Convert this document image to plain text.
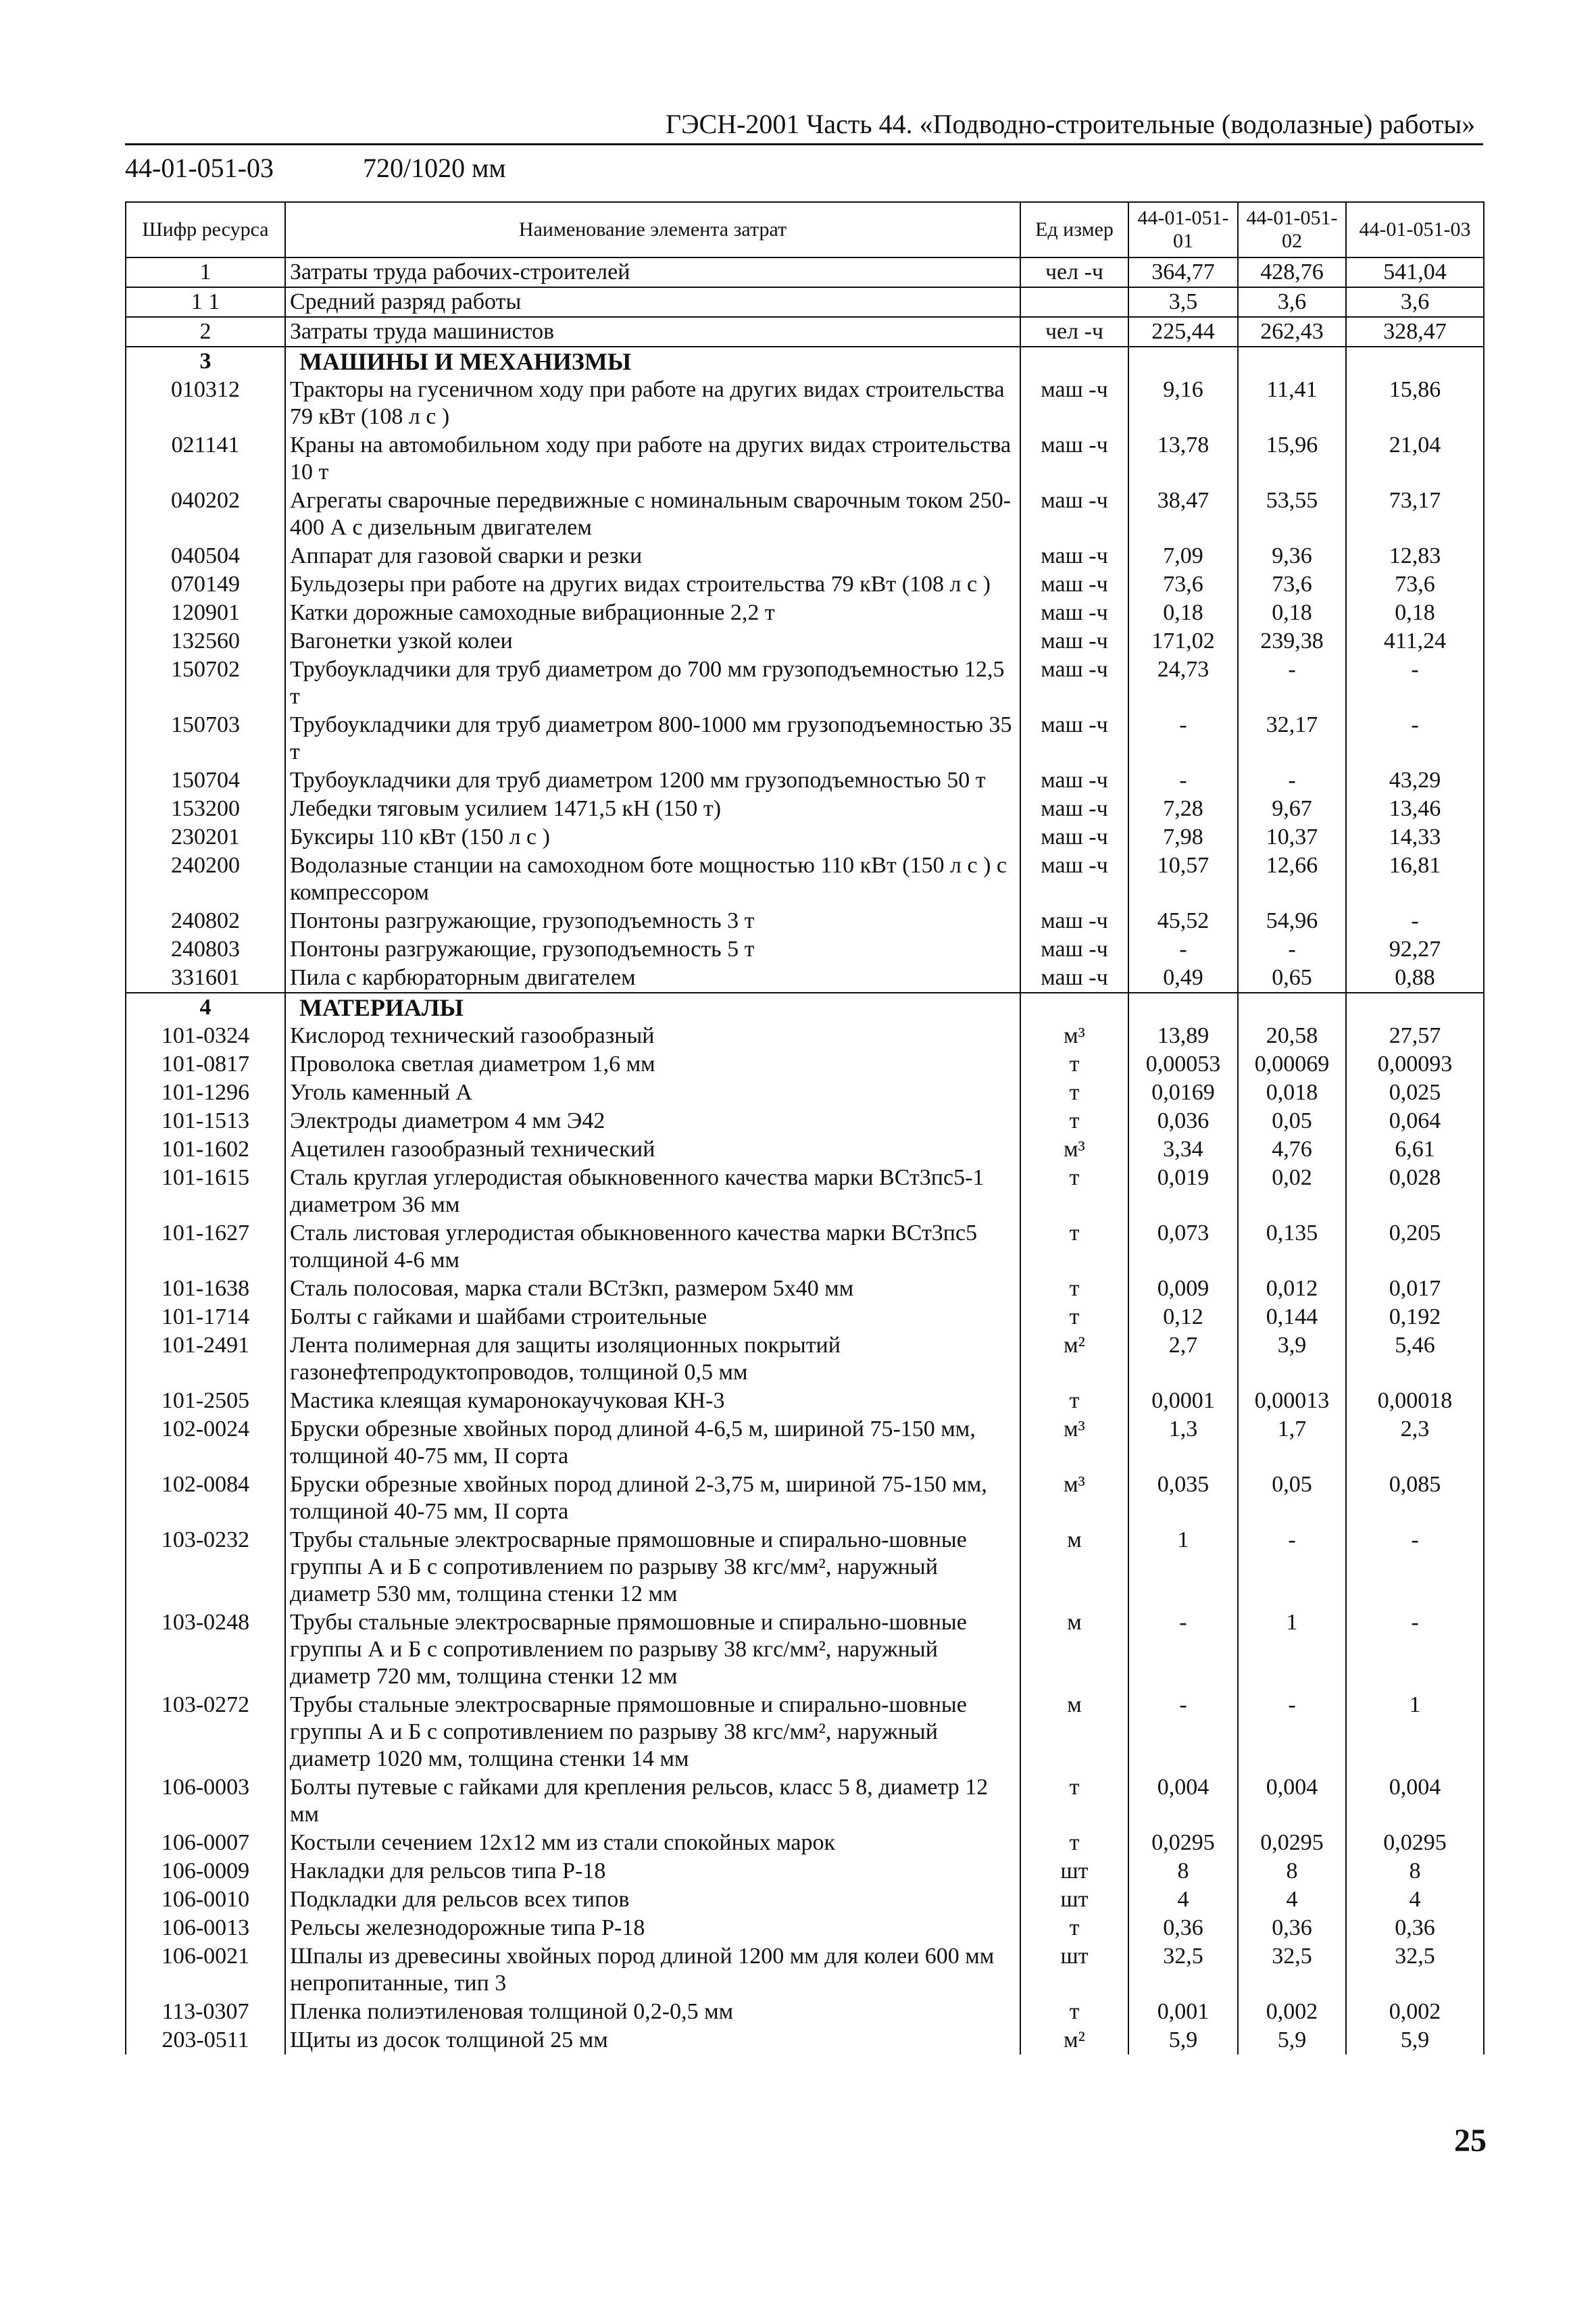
ГЭСН-2001 Часть 44. «Подводно-строительные (водолазные) работы»
44-01-051-03	720/1020 мм
Шифр ресурса	Наименование элемента затрат	Ед измер	44-01-051-01	44-01-051-02	44-01-051-03
1	Затраты труда рабочих-строителей	чел -ч	364,77	428,76	541,04
1 1	Средний разряд работы		3,5	3,6	3,6
2	Затраты труда машинистов	чел -ч	225,44	262,43	328,47
3	МАШИНЫ И МЕХАНИЗМЫ				
010312	Тракторы на гусеничном ходу при работе на других видах строительства 79 кВт (108 л с )	маш -ч	9,16	11,41	15,86
021141	Краны на автомобильном ходу при работе на других видах строительства 10 т	маш -ч	13,78	15,96	21,04
040202	Агрегаты сварочные передвижные с номинальным сварочным током 250-400 А с дизельным двигателем	маш -ч	38,47	53,55	73,17
040504	Аппарат для газовой сварки и резки	маш -ч	7,09	9,36	12,83
070149	Бульдозеры при работе на других видах строительства 79 кВт (108 л с )	маш -ч	73,6	73,6	73,6
120901	Катки дорожные самоходные вибрационные 2,2 т	маш -ч	0,18	0,18	0,18
132560	Вагонетки узкой колеи	маш -ч	171,02	239,38	411,24
150702	Трубоукладчики для труб диаметром до 700 мм грузоподъемностью 12,5 т	маш -ч	24,73	-	-
150703	Трубоукладчики для труб диаметром 800-1000 мм грузоподъемностью 35 т	маш -ч	-	32,17	-
150704	Трубоукладчики для труб диаметром 1200 мм грузоподъемностью 50 т	маш -ч	-	-	43,29
153200	Лебедки тяговым усилием 1471,5 кН (150 т)	маш -ч	7,28	9,67	13,46
230201	Буксиры 110 кВт (150 л с )	маш -ч	7,98	10,37	14,33
240200	Водолазные станции на самоходном боте мощностью 110 кВт (150 л с ) с компрессором	маш -ч	10,57	12,66	16,81
240802	Понтоны разгружающие, грузоподъемность 3 т	маш -ч	45,52	54,96	-
240803	Понтоны разгружающие, грузоподъемность 5 т	маш -ч	-	-	92,27
331601	Пила с карбюраторным двигателем	маш -ч	0,49	0,65	0,88
4	МАТЕРИАЛЫ				
101-0324	Кислород технический газообразный	м³	13,89	20,58	27,57
101-0817	Проволока светлая диаметром 1,6 мм	т	0,00053	0,00069	0,00093
101-1296	Уголь каменный А	т	0,0169	0,018	0,025
101-1513	Электроды диаметром 4 мм Э42	т	0,036	0,05	0,064
101-1602	Ацетилен газообразный технический	м³	3,34	4,76	6,61
101-1615	Сталь круглая углеродистая обыкновенного качества марки ВСт3пс5-1 диаметром 36 мм	т	0,019	0,02	0,028
101-1627	Сталь листовая углеродистая обыкновенного качества марки ВСт3пс5 толщиной 4-6 мм	т	0,073	0,135	0,205
101-1638	Сталь полосовая, марка стали ВСт3кп, размером 5х40 мм	т	0,009	0,012	0,017
101-1714	Болты с гайками и шайбами строительные	т	0,12	0,144	0,192
101-2491	Лента полимерная для защиты изоляционных покрытий газонефтепродуктопроводов, толщиной 0,5 мм	м²	2,7	3,9	5,46
101-2505	Мастика клеящая кумаронокаучуковая КН-3	т	0,0001	0,00013	0,00018
102-0024	Бруски обрезные хвойных пород длиной 4-6,5 м, шириной 75-150 мм, толщиной 40-75 мм, II сорта	м³	1,3	1,7	2,3
102-0084	Бруски обрезные хвойных пород длиной 2-3,75 м, шириной 75-150 мм, толщиной 40-75 мм, II сорта	м³	0,035	0,05	0,085
103-0232	Трубы стальные электросварные прямошовные и спирально-шовные группы А и Б с сопротивлением по разрыву 38 кгс/мм², наружный диаметр 530 мм, толщина стенки 12 мм	м	1	-	-
103-0248	Трубы стальные электросварные прямошовные и спирально-шовные группы А и Б с сопротивлением по разрыву 38 кгс/мм², наружный диаметр 720 мм, толщина стенки 12 мм	м	-	1	-
103-0272	Трубы стальные электросварные прямошовные и спирально-шовные группы А и Б с сопротивлением по разрыву 38 кгс/мм², наружный диаметр 1020 мм, толщина стенки 14 мм	м	-	-	1
106-0003	Болты путевые с гайками для крепления рельсов, класс 5 8, диаметр 12 мм	т	0,004	0,004	0,004
106-0007	Костыли сечением 12х12 мм из стали спокойных марок	т	0,0295	0,0295	0,0295
106-0009	Накладки для рельсов типа Р-18	шт	8	8	8
106-0010	Подкладки для рельсов всех типов	шт	4	4	4
106-0013	Рельсы железнодорожные типа Р-18	т	0,36	0,36	0,36
106-0021	Шпалы из древесины хвойных пород длиной 1200 мм для колеи 600 мм непропитанные, тип 3	шт	32,5	32,5	32,5
113-0307	Пленка полиэтиленовая толщиной 0,2-0,5 мм	т	0,001	0,002	0,002
203-0511	Щиты из досок толщиной 25 мм	м²	5,9	5,9	5,9
25
